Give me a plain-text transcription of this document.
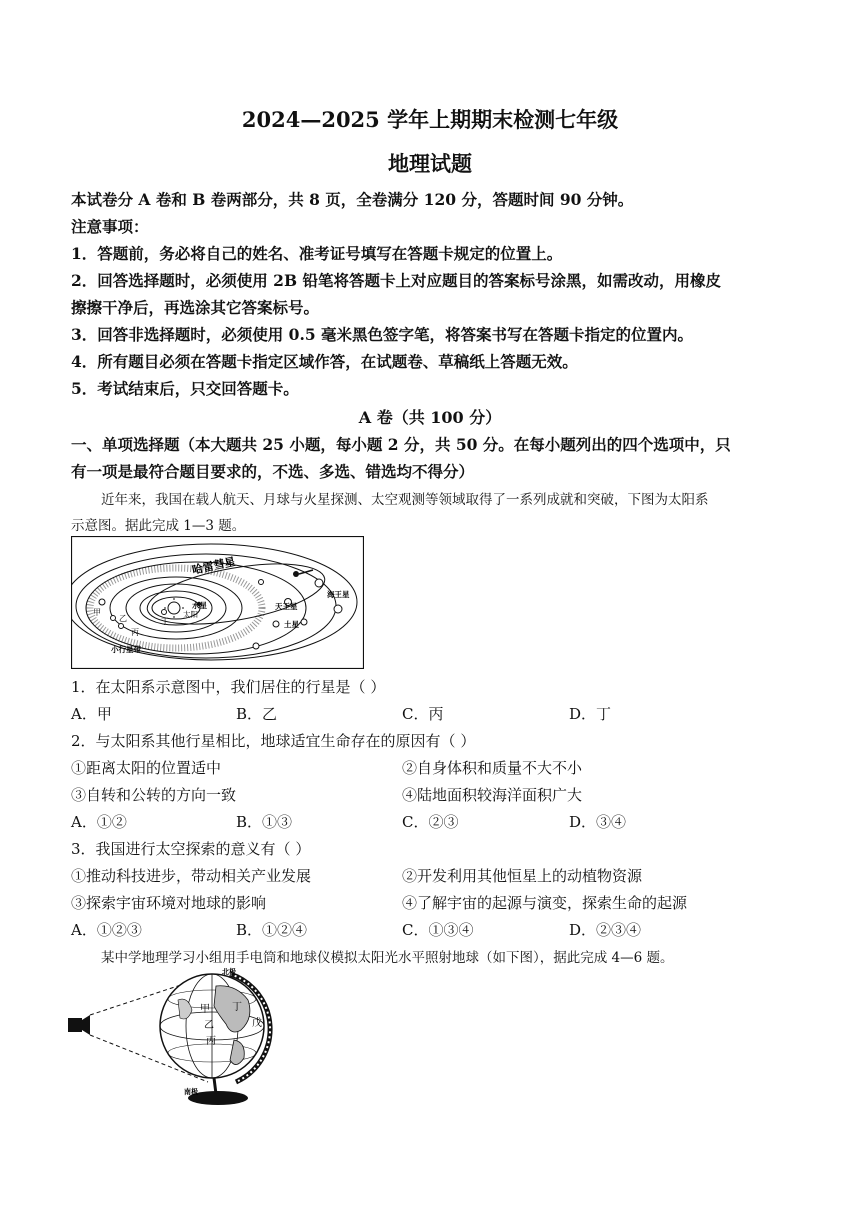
2024—2025 学年上期期末检测七年级
地理试题
本试卷分 A 卷和 B 卷两部分，共 8 页，全卷满分 120 分，答题时间 90 分钟。
注意事项：
1．答题前，务必将自己的姓名、准考证号填写在答题卡规定的位置上。
2．回答选择题时，必须使用 2B 铅笔将答题卡上对应题目的答案标号涂黑，如需改动，用橡皮
擦擦干净后，再选涂其它答案标号。
3．回答非选择题时，必须使用 0.5 毫米黑色签字笔，将答案书写在答题卡指定的位置内。
4．所有题目必须在答题卡指定区域作答，在试题卷、草稿纸上答题无效。
5．考试结束后，只交回答题卡。
A 卷（共 100 分）
一、单项选择题（本大题共 25 小题，每小题 2 分，共 50 分。在每小题列出的四个选项中，只
有一项是最符合题目要求的，不选、多选、错选均不得分）
近年来，我国在载人航天、月球与火星探测、太空观测等领域取得了一系列成就和突破，下图为太阳系
示意图。据此完成 1—3 题。
哈雷彗星
海王星
天王星
土星
水星
太阳
甲
乙
丙
丁
小行星带
1．在太阳系示意图中，我们居住的行星是（ ）
A．甲	B．乙	C．丙	D．丁
2．与太阳系其他行星相比，地球适宜生命存在的原因有（ ）
①距离太阳的位置适中	②自身体积和质量不大不小
③自转和公转的方向一致	④陆地面积较海洋面积广大
A．①②	B．①③	C．②③	D．③④
3．我国进行太空探索的意义有（ ）
①推动科技进步，带动相关产业发展	②开发利用其他恒星上的动植物资源
③探索宇宙环境对地球的影响	④了解宇宙的起源与演变，探索生命的起源
A．①②③	B．①②④	C．①③④	D．②③④
某中学地理学习小组用手电筒和地球仪模拟太阳光水平照射地球（如下图），据此完成 4—6 题。
北极
南极
甲
乙
丙
丁
戊
